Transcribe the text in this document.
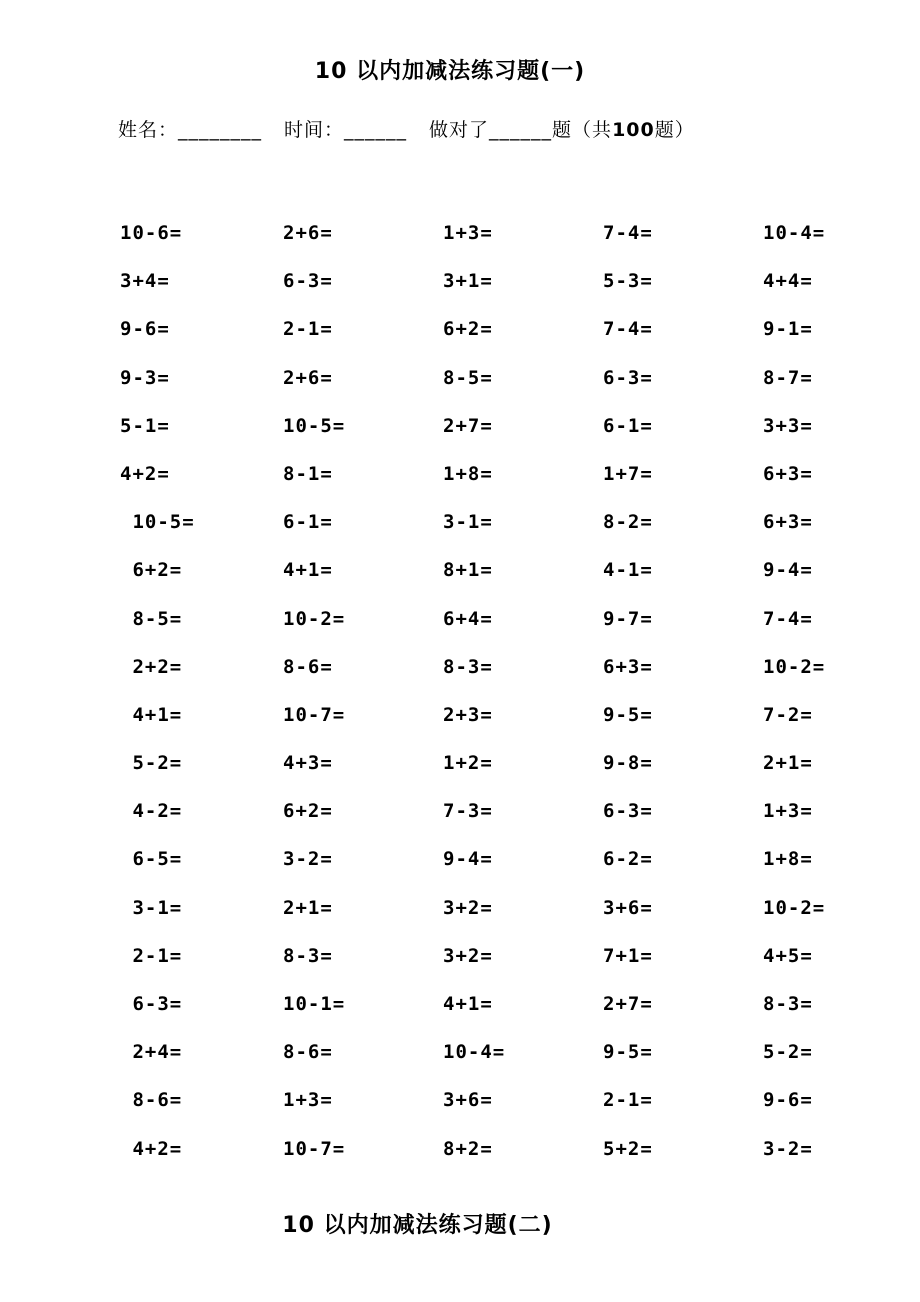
10 以内加减法练习题(一)
姓名：________ 时间：______ 做对了______题（共100题）
10-6=	2+6=	1+3=	7-4=	10-4=
3+4=	6-3=	3+1=	5-3=	4+4=
9-6=	2-1=	6+2=	7-4=	9-1=
9-3=	2+6=	8-5=	6-3=	8-7=
5-1=	10-5=	2+7=	6-1=	3+3=
4+2=	8-1=	1+8=	1+7=	6+3=
10-5=	6-1=	3-1=	8-2=	6+3=
6+2=	4+1=	8+1=	4-1=	9-4=
8-5=	10-2=	6+4=	9-7=	7-4=
2+2=	8-6=	8-3=	6+3=	10-2=
4+1=	10-7=	2+3=	9-5=	7-2=
5-2=	4+3=	1+2=	9-8=	2+1=
4-2=	6+2=	7-3=	6-3=	1+3=
6-5=	3-2=	9-4=	6-2=	1+8=
3-1=	2+1=	3+2=	3+6=	10-2=
2-1=	8-3=	3+2=	7+1=	4+5=
6-3=	10-1=	4+1=	2+7=	8-3=
2+4=	8-6=	10-4=	9-5=	5-2=
8-6=	1+3=	3+6=	2-1=	9-6=
4+2=	10-7=	8+2=	5+2=	3-2=
10 以内加减法练习题(二)
